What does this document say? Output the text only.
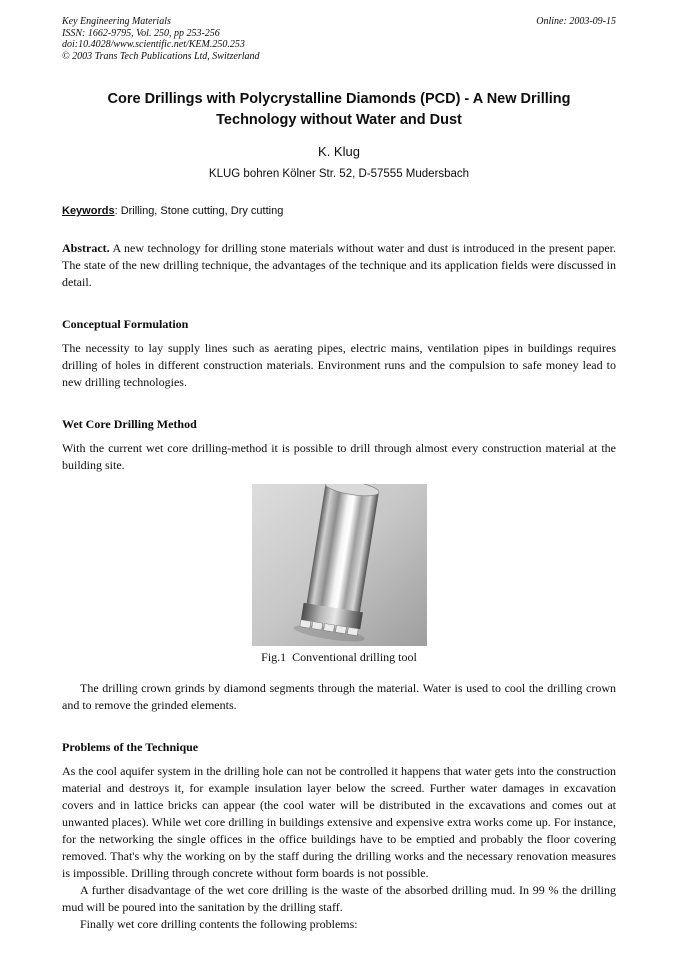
Key Engineering Materials
ISSN: 1662-9795, Vol. 250, pp 253-256
doi:10.4028/www.scientific.net/KEM.250.253
© 2003 Trans Tech Publications Ltd, Switzerland
Online: 2003-09-15
Core Drillings with Polycrystalline Diamonds (PCD) - A New Drilling Technology without Water and Dust
K. Klug
KLUG bohren Kölner Str. 52, D-57555 Mudersbach
Keywords: Drilling, Stone cutting, Dry cutting

Abstract. A new technology for drilling stone materials without water and dust is introduced in the present paper. The state of the new drilling technique, the advantages of the technique and its application fields were discussed in detail.

Conceptual Formulation

The necessity to lay supply lines such as aerating pipes, electric mains, ventilation pipes in buildings requires drilling of holes in different construction materials. Environment runs and the compulsion to safe money lead to new drilling technologies.

Wet Core Drilling Method

With the current wet core drilling-method it is possible to drill through almost every construction material at the building site.

Fig.1  Conventional drilling tool

The drilling crown grinds by diamond segments through the material. Water is used to cool the drilling crown and to remove the grinded elements.

Problems of the Technique

As the cool aquifer system in the drilling hole can not be controlled it happens that water gets into the construction material and destroys it, for example insulation layer below the screed. Further water damages in excavation covers and in lattice bricks can appear (the cool water will be distributed in the excavations and comes out at unwanted places). While wet core drilling in buildings extensive and expensive extra works come up. For instance, for the networking the single offices in the office buildings have to be emptied and probably the floor covering removed. That's why the working on by the staff during the drilling works and the necessary renovation measures is impossible. Drilling through concrete without form boards is not possible.

A further disadvantage of the wet core drilling is the waste of the absorbed drilling mud. In 99 % the drilling mud will be poured into the sanitation by the drilling staff.

Finally wet core drilling contents the following problems:
